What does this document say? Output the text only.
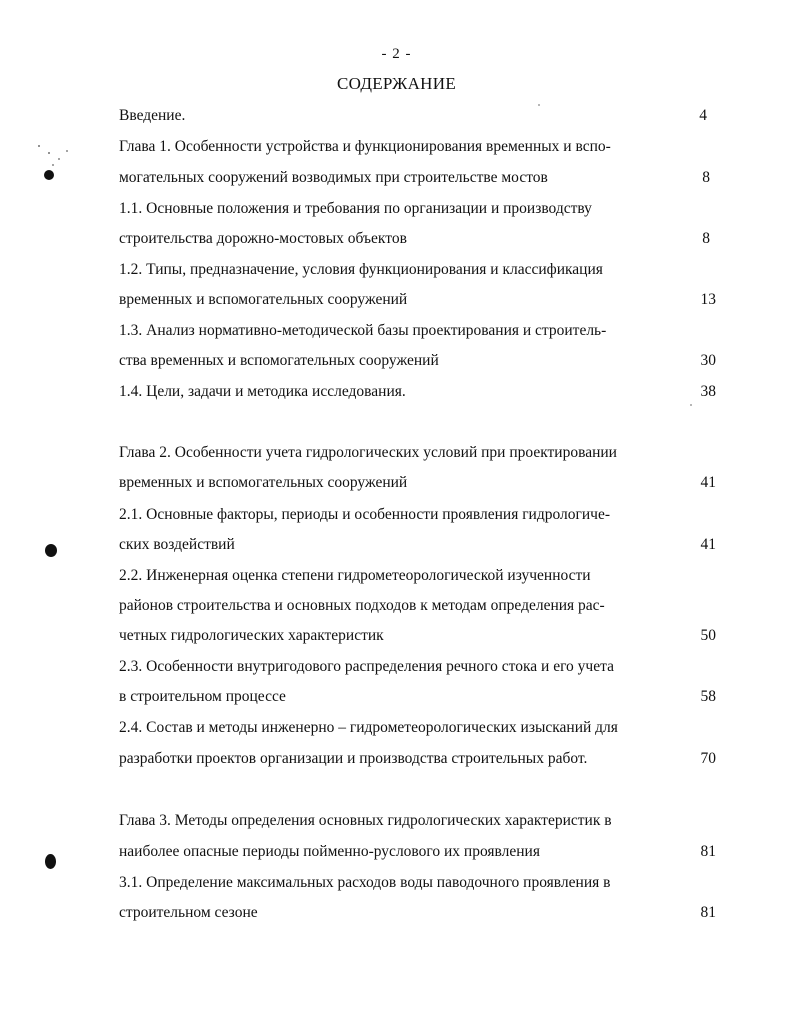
- 2 -
СОДЕРЖАНИЕ
Введение.	4
Глава 1. Особенности устройства и функционирования временных и вспо-
могательных сооружений возводимых при строительстве мостов	8
1.1. Основные положения и требования по организации и производству
строительства дорожно-мостовых объектов	8
1.2. Типы, предназначение, условия функционирования и классификация
временных и вспомогательных сооружений	13
1.3. Анализ нормативно-методической базы проектирования и строитель-
ства временных и вспомогательных сооружений	30
1.4. Цели, задачи и методика исследования.	38
Глава 2. Особенности учета гидрологических условий при проектировании
временных и вспомогательных сооружений	41
2.1. Основные факторы, периоды и особенности проявления гидрологиче-
ских воздействий	41
2.2. Инженерная оценка степени гидрометеорологической изученности
районов строительства и основных подходов к методам определения рас-
четных гидрологических характеристик	50
2.3. Особенности внутригодового распределения речного стока и его учета
в строительном процессе	58
2.4. Состав и методы инженерно – гидрометеорологических изысканий для
разработки проектов организации и производства строительных работ.	70
Глава 3. Методы определения основных гидрологических характеристик в
наиболее опасные периоды пойменно-руслового их проявления	81
3.1. Определение максимальных расходов воды паводочного проявления в
строительном сезоне	81
